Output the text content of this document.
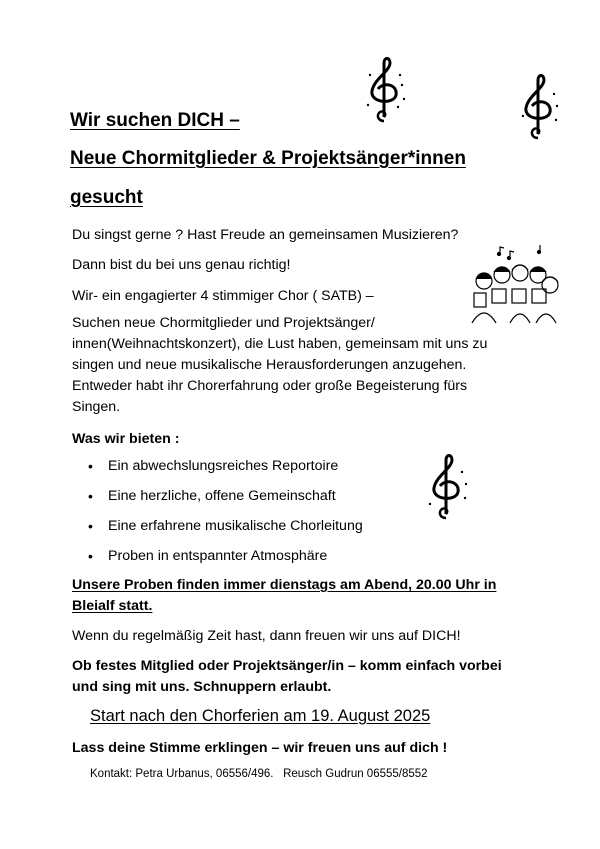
Wir suchen DICH –
Neue Chormitglieder & Projektsänger*innen
gesucht
Du singst gerne ? Hast Freude an gemeinsamen Musizieren?
Dann bist du bei uns genau richtig!
Wir- ein engagierter 4 stimmiger Chor ( SATB) –
Suchen neue Chormitglieder und Projektsänger/
innen(Weihnachtskonzert), die Lust haben, gemeinsam mit uns zu
singen und neue musikalische Herausforderungen anzugehen.
Entweder habt ihr Chorerfahrung oder große Begeisterung fürs
Singen.
Was wir bieten :
•	Ein abwechslungsreiches Reportoire
•	Eine herzliche, offene Gemeinschaft
•	Eine erfahrene musikalische Chorleitung
•	Proben in entspannter Atmosphäre
Unsere Proben finden immer dienstags am Abend, 20.00 Uhr in
Bleialf statt.
Wenn du regelmäßig Zeit hast, dann freuen wir uns auf DICH!
Ob festes Mitglied oder Projektsänger/in – komm einfach vorbei
und sing mit uns. Schnuppern erlaubt.
Start nach den Chorferien am 19. August 2025
Lass deine Stimme erklingen – wir freuen uns auf dich !
Kontakt: Petra Urbanus, 06556/496.   Reusch Gudrun 06555/8552
